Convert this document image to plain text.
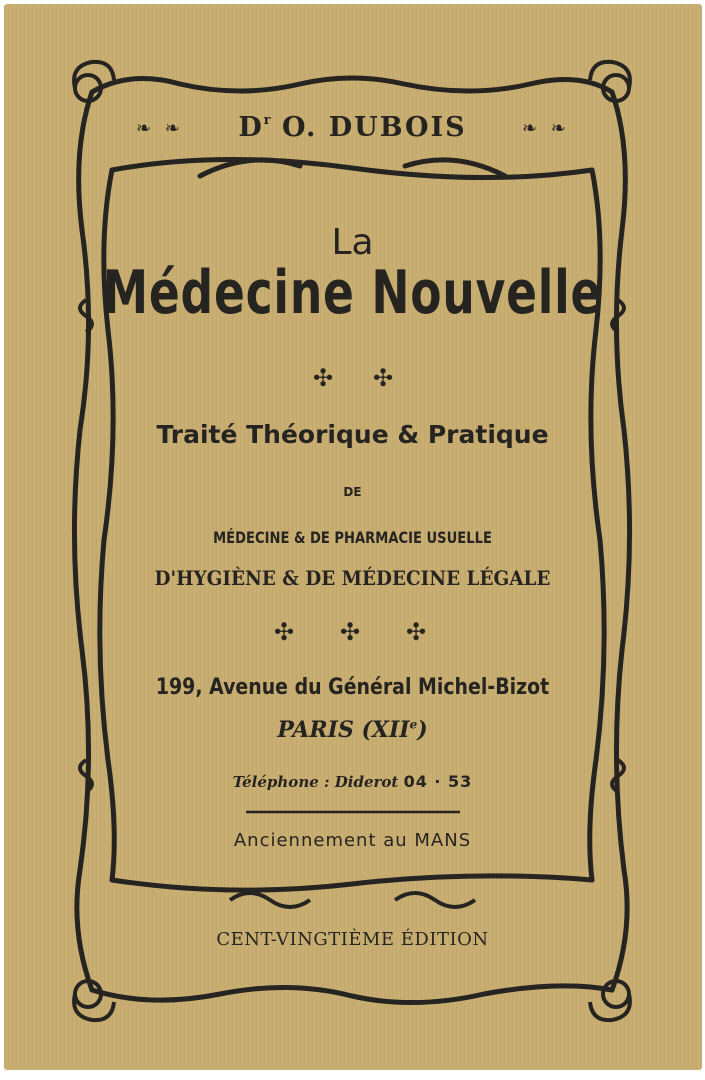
❧ ❧	❧ ❧
$D^r$ O. DUBOIS
La
Médecine Nouvelle
✣ ✣
Traité Théorique & Pratique
DE
MÉDECINE & DE PHARMACIE USUELLE
D'HYGIÈNE & DE MÉDECINE LÉGALE
✣ ✣ ✣
199, Avenue du Général Michel-Bizot
PARIS (XIIe)
Téléphone : Diderot 04 · 53
Anciennement au MANS
CENT-VINGTIÈME ÉDITION
